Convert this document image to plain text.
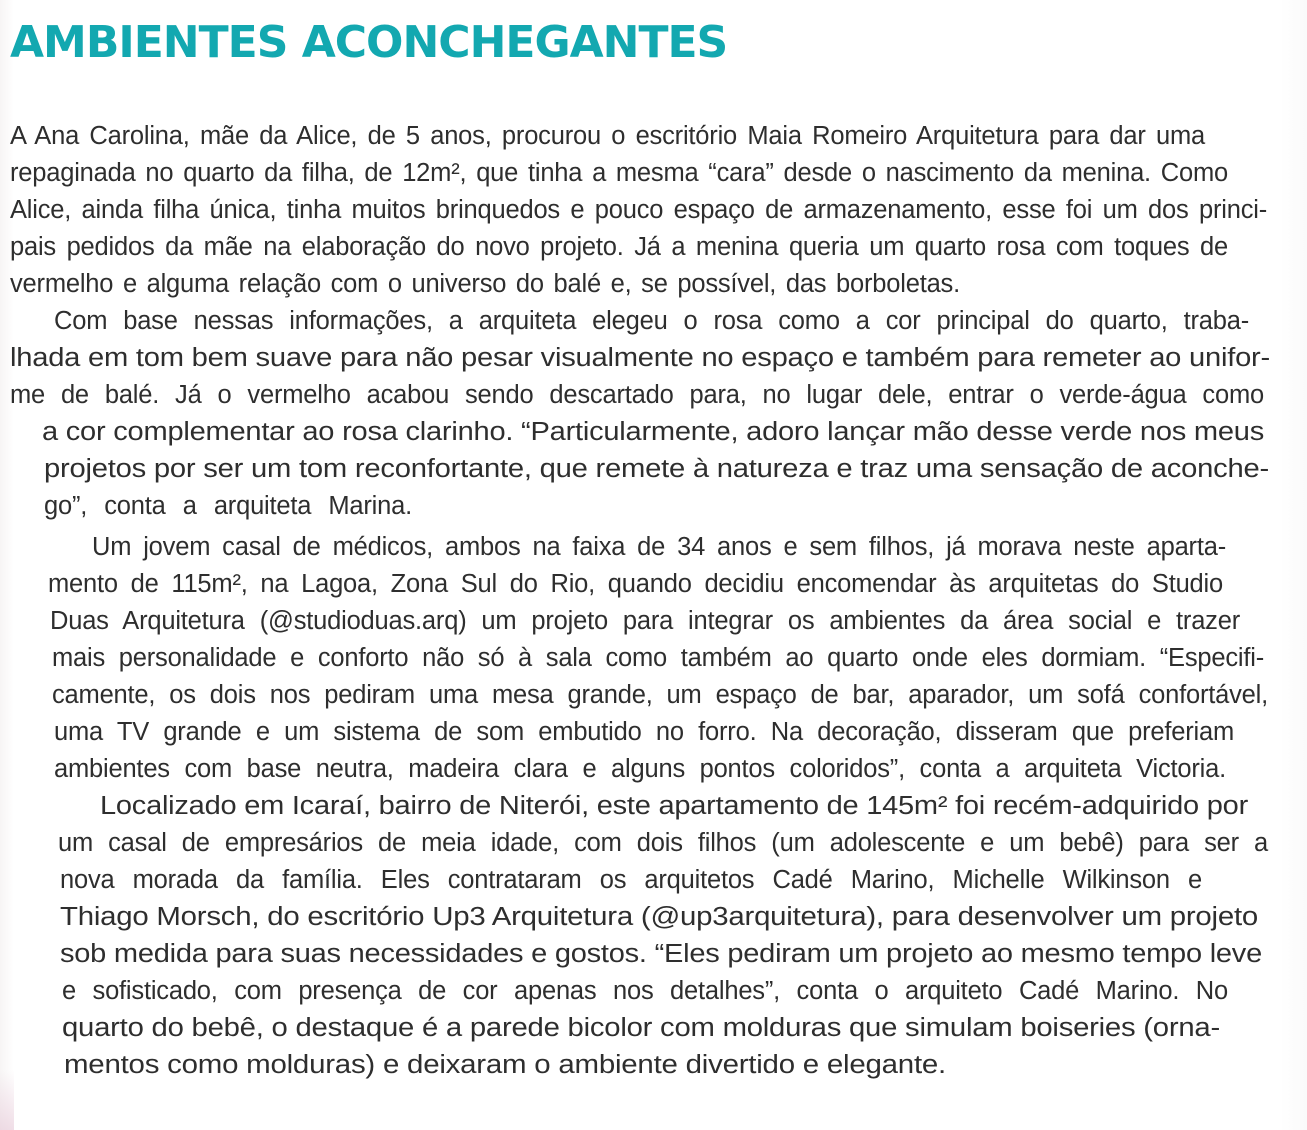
AMBIENTES ACONCHEGANTES
A Ana Carolina, mãe da Alice, de 5 anos, procurou o escritório Maia Romeiro Arquitetura para dar uma
repaginada no quarto da filha, de 12m², que tinha a mesma “cara” desde o nascimento da menina. Como
Alice, ainda filha única, tinha muitos brinquedos e pouco espaço de armazenamento, esse foi um dos princi-
pais pedidos da mãe na elaboração do novo projeto. Já a menina queria um quarto rosa com toques de
vermelho e alguma relação com o universo do balé e, se possível, das borboletas.
Com base nessas informações, a arquiteta elegeu o rosa como a cor principal do quarto, traba-
lhada em tom bem suave para não pesar visualmente no espaço e também para remeter ao unifor-
me de balé. Já o vermelho acabou sendo descartado para, no lugar dele, entrar o verde-água como
a cor complementar ao rosa clarinho. “Particularmente, adoro lançar mão desse verde nos meus
projetos por ser um tom reconfortante, que remete à natureza e traz uma sensação de aconche-
go”, conta a arquiteta Marina.
Um jovem casal de médicos, ambos na faixa de 34 anos e sem filhos, já morava neste aparta-
mento de 115m², na Lagoa, Zona Sul do Rio, quando decidiu encomendar às arquitetas do Studio
Duas Arquitetura (@studioduas.arq) um projeto para integrar os ambientes da área social e trazer
mais personalidade e conforto não só à sala como também ao quarto onde eles dormiam. “Especifi-
camente, os dois nos pediram uma mesa grande, um espaço de bar, aparador, um sofá confortável,
uma TV grande e um sistema de som embutido no forro. Na decoração, disseram que preferiam
ambientes com base neutra, madeira clara e alguns pontos coloridos”, conta a arquiteta Victoria.
Localizado em Icaraí, bairro de Niterói, este apartamento de 145m² foi recém-adquirido por
um casal de empresários de meia idade, com dois filhos (um adolescente e um bebê) para ser a
nova morada da família. Eles contrataram os arquitetos Cadé Marino, Michelle Wilkinson e
Thiago Morsch, do escritório Up3 Arquitetura (@up3arquitetura), para desenvolver um projeto
sob medida para suas necessidades e gostos. “Eles pediram um projeto ao mesmo tempo leve
e sofisticado, com presença de cor apenas nos detalhes”, conta o arquiteto Cadé Marino. No
quarto do bebê, o destaque é a parede bicolor com molduras que simulam boiseries (orna-
mentos como molduras) e deixaram o ambiente divertido e elegante.
